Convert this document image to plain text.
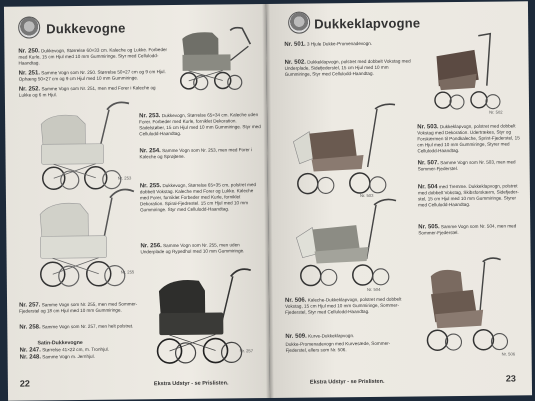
Dukkevogne
Nr. 250. Dukkevogn, Størrelse 60×33 cm. Kaleche og Lukke. Forbeder med Kurle, 15 cm Hjul med 10 mm Gummiringe. Styr med Cellulodd-Haandtag.
Nr. 251. Samme Vogn som Nr. 250. Størrelse 50×27 cm og 9 cm Hjul. Ophæng 50×27 cm og 9 cm Hjul med 10 mm Gummiringe.
Nr. 252. Samme Vogn som Nr. 251, men med Forer i Kaleche og Lukke og 6 m Hjul.
Nr. 253. Dukkevogn, Størrelse 65×34 cm. Kaleche uden Forer. Forbeder med Kurle, forniklet Dekoration. Sadelstøber, 15 cm Hjul med 10 mm Gummiringe. Styr med Cellulodd-Haandtag.
Nr. 254. Samme Vogn som Nr. 253, men med Forer i Kaleche og Sprøjtene.
Nr. 255. Dukkevogn, Størrelse 65×35 cm, polstret med dobbelt Vokstag. Kaleche med Forer og Lukke. Kaleche med Forer, forniklet Forbeder med Kurle, forniklet Dekoration. Spiral-Fjedrestel. 15 cm Hjul med 10 mm Gummiringe. Styr med Cellulodd-Haandtag.
Nr. 256. Samme Vogn som Nr. 255, men uden Underplade og Rypedhol med 10 mm Gummiringe.
Nr. 257. Samme Vogn som Nr. 255, men med Sommer-Fjederstel og 18 cm Hjul med 10 mm Gummiringe.
Nr. 258. Samme Vogn som Nr. 257, men helt polstret.
Satin-Dukkevogne
Nr. 247. Størrelse 41×22 cm, m. Tronhjul.
Nr. 248. Samme Vogn m. Jernhjul.
Nr. 253
Nr. 255
Nr. 257
22	Ekstra Udstyr - se Prislisten.
Dukkeklapvogne
Nr. 501. 3 Hjule Dukke-Promenadevogn.
Nr. 502. Dukkeklapvogn, polstret med dobbelt Vokstag med Underplade, Sidefjederstel, 15 cm Hjul med 10 mm Gummiringe, Styr med Cellulodd-Haandtag.
Nr. 503. Dukkeklapvogn, polstret med dobbelt Vokstag med Dekoration. Udertrækes, Styr og Forskærmen til Pondkaleche, Sprint-Fjederstel, 15 cm Hjul med 10 mm Gummiringe, Styrer med Cellulodd-Haandtag.
Nr. 507. Samme Vogn som Nr. 503, men med Sommer-Fjederstel.
Nr. 504 med Tremme. Dukkeklapvogn, polstret med dobbelt Vokstag, Skibsforskærm, Sidefjeder-stel, 15 cm Hjul med 10 mm Gummiringe. Styrer med Cellulodd-Haandtag.
Nr. 505. Samme Vogn som Nr. 504, men med Sommer-Fjederstel.
Nr. 506. Kaleche-Dukkeklapvogn, polstret med dobbelt Vokstag, 15 cm Hjul med 10 mm Gummiringe, Sommer-Fjederstel, Styr med Cellulodd-Haandtag.
Nr. 509. Kurve-Dukkeklapvogn.
Dukke-Promenadevogn med Kurvesæde, Sommer-Fjederstel, ellers som Nr. 506.
Nr. 502
Nr. 503
Nr. 504
Nr. 506
Ekstra Udstyr - se Prislisten.	23
